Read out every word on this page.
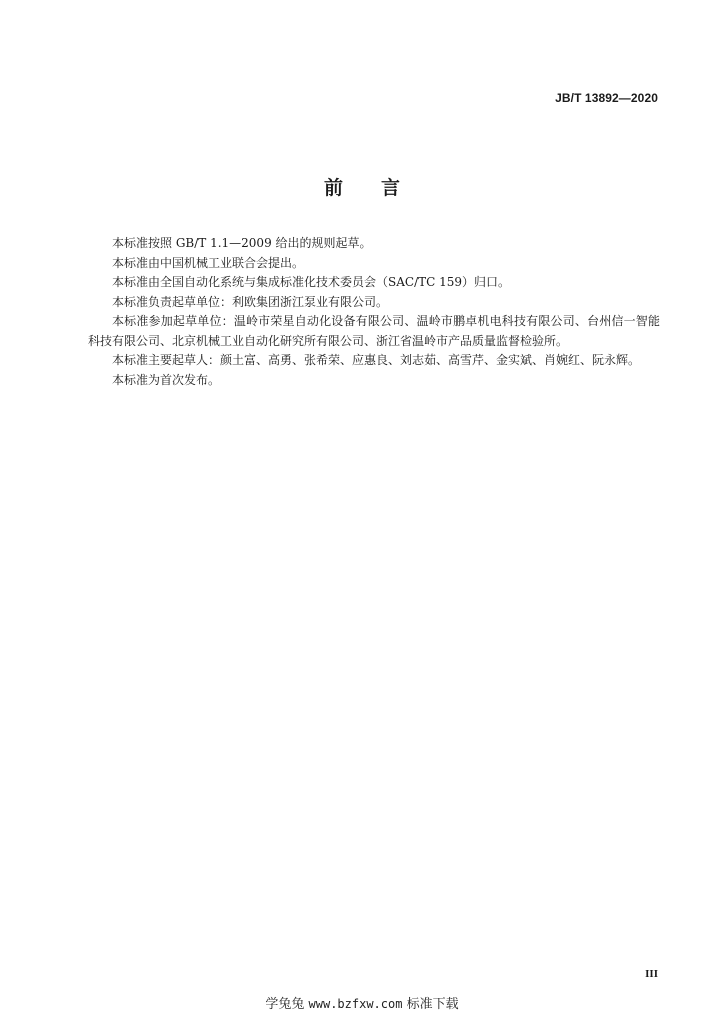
JB/T 13892—2020
前言

本标准按照 GB/T 1.1—2009 给出的规则起草。

本标准由中国机械工业联合会提出。

本标准由全国自动化系统与集成标准化技术委员会（SAC/TC 159）归口。

本标准负责起草单位：利欧集团浙江泵业有限公司。

本标准参加起草单位：温岭市荣星自动化设备有限公司、温岭市鹏卓机电科技有限公司、台州信一智能科技有限公司、北京机械工业自动化研究所有限公司、浙江省温岭市产品质量监督检验所。

本标准主要起草人：颜土富、高勇、张希荣、应惠良、刘志茹、高雪芹、金实斌、肖婉红、阮永辉。

本标准为首次发布。

III
学兔兔 www.bzfxw.com 标准下载
